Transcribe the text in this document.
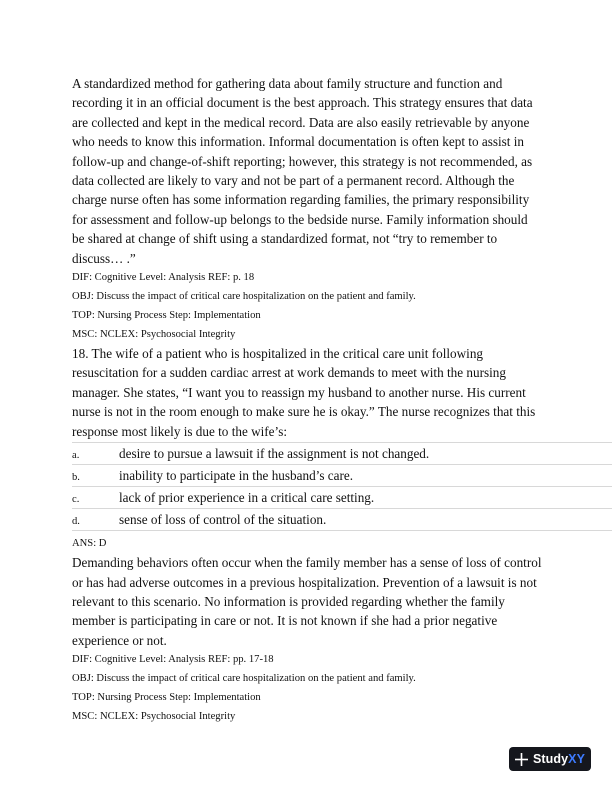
A standardized method for gathering data about family structure and function and recording it in an official document is the best approach. This strategy ensures that data are collected and kept in the medical record. Data are also easily retrievable by anyone who needs to know this information. Informal documentation is often kept to assist in follow-up and change-of-shift reporting; however, this strategy is not recommended, as data collected are likely to vary and not be part of a permanent record. Although the charge nurse often has some information regarding families, the primary responsibility for assessment and follow-up belongs to the bedside nurse. Family information should be shared at change of shift using a standardized format, not “try to remember to discuss… .”

DIF: Cognitive Level: Analysis REF: p. 18

OBJ: Discuss the impact of critical care hospitalization on the patient and family.

TOP: Nursing Process Step: Implementation

MSC: NCLEX: Psychosocial Integrity

18. The wife of a patient who is hospitalized in the critical care unit following resuscitation for a sudden cardiac arrest at work demands to meet with the nursing manager. She states, “I want you to reassign my husband to another nurse. His current nurse is not in the room enough to make sure he is okay.” The nurse recognizes that this response most likely is due to the wife’s:

a.	desire to pursue a lawsuit if the assignment is not changed.
b.	inability to participate in the husband’s care.
c.	lack of prior experience in a critical care setting.
d.	sense of loss of control of the situation.

ANS: D

Demanding behaviors often occur when the family member has a sense of loss of control or has had adverse outcomes in a previous hospitalization. Prevention of a lawsuit is not relevant to this scenario. No information is provided regarding whether the family member is participating in care or not. It is not known if she had a prior negative experience or not.

DIF: Cognitive Level: Analysis REF: pp. 17-18

OBJ: Discuss the impact of critical care hospitalization on the patient and family.

TOP: Nursing Process Step: Implementation

MSC: NCLEX: Psychosocial Integrity

StudyXY
